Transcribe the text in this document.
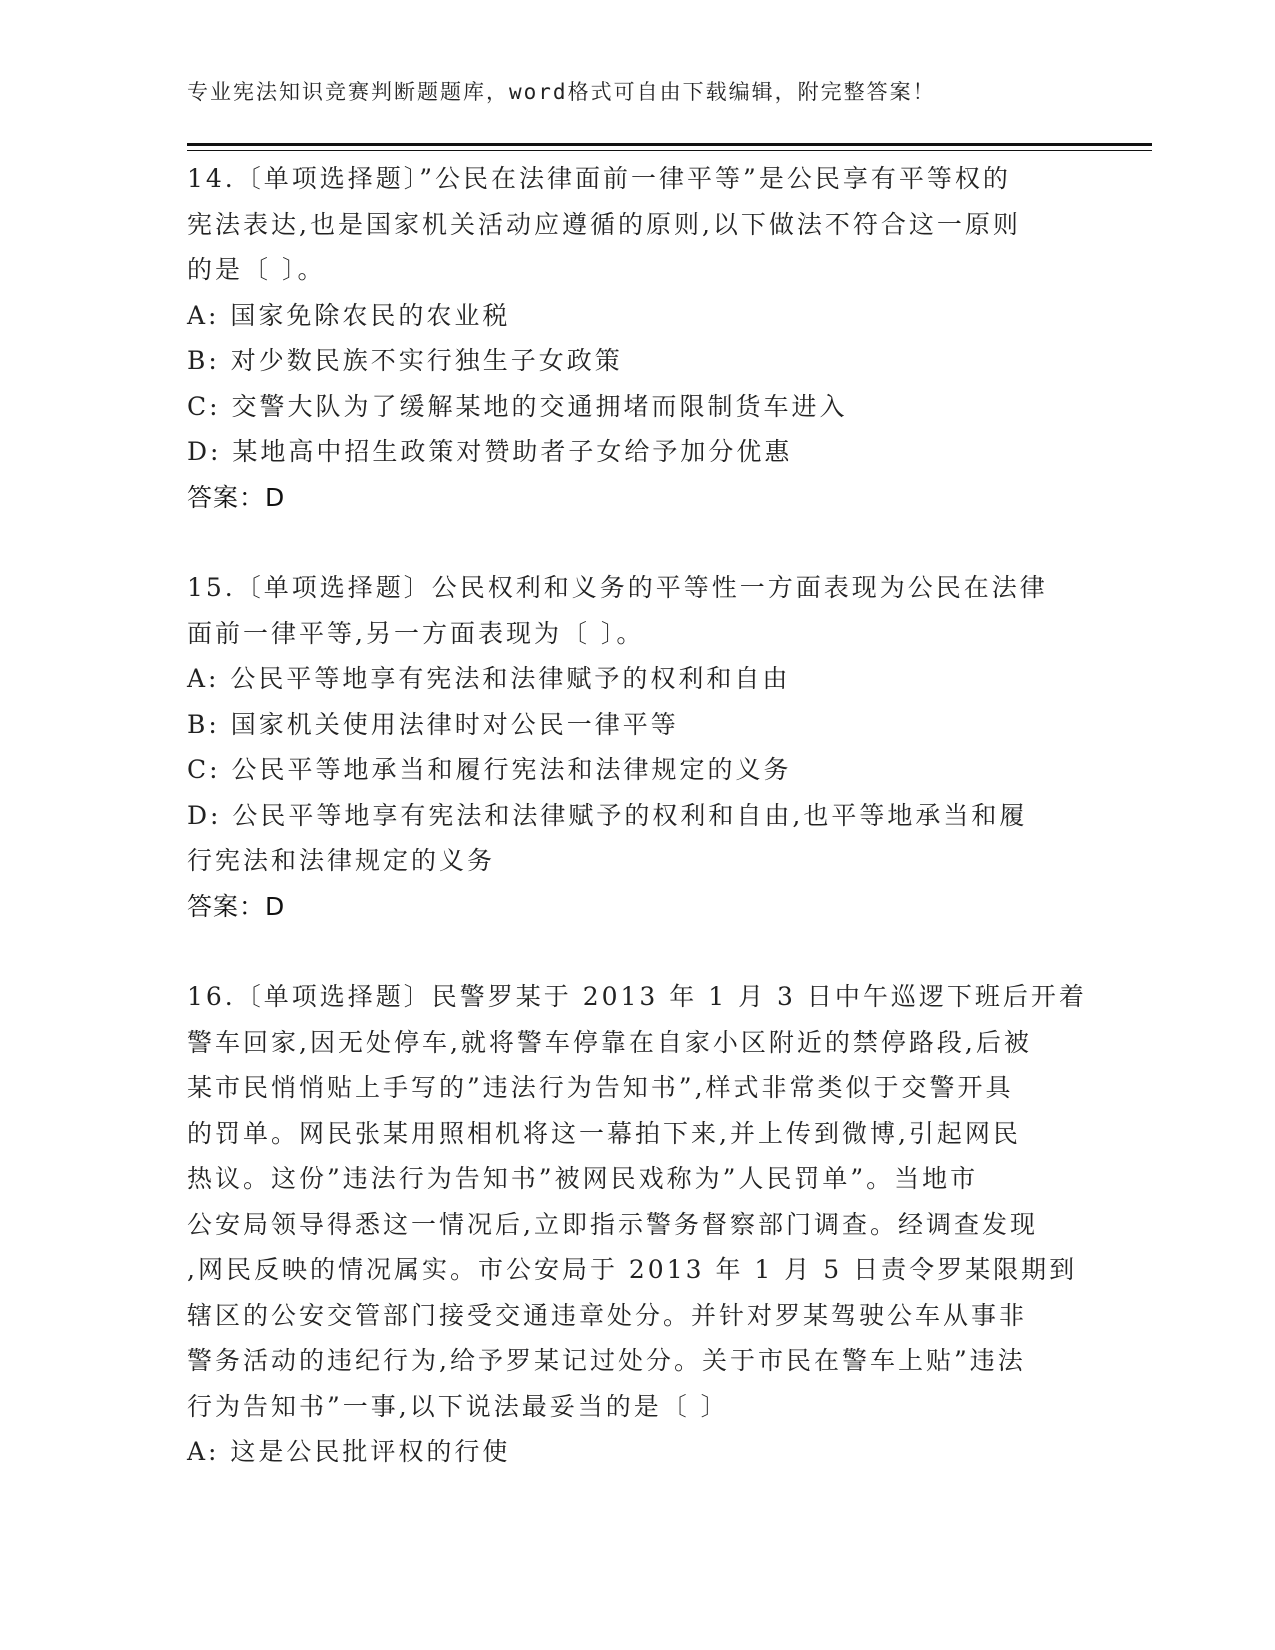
专业宪法知识竞赛判断题题库，word格式可自由下载编辑，附完整答案！

14.〔单项选择题〕”公民在法律面前一律平等”是公民享有平等权的

宪法表达,也是国家机关活动应遵循的原则,以下做法不符合这一原则

的是〔 〕。

A: 国家免除农民的农业税

B: 对少数民族不实行独生子女政策

C: 交警大队为了缓解某地的交通拥堵而限制货车进入

D: 某地高中招生政策对赞助者子女给予加分优惠

答案：D

15.〔单项选择题〕公民权利和义务的平等性一方面表现为公民在法律

面前一律平等,另一方面表现为〔 〕。

A: 公民平等地享有宪法和法律赋予的权利和自由

B: 国家机关使用法律时对公民一律平等

C: 公民平等地承当和履行宪法和法律规定的义务

D: 公民平等地享有宪法和法律赋予的权利和自由,也平等地承当和履

行宪法和法律规定的义务

答案：D

16.〔单项选择题〕民警罗某于 2013 年 1 月 3 日中午巡逻下班后开着

警车回家,因无处停车,就将警车停靠在自家小区附近的禁停路段,后被

某市民悄悄贴上手写的”违法行为告知书”,样式非常类似于交警开具

的罚单。网民张某用照相机将这一幕拍下来,并上传到微博,引起网民

热议。这份”违法行为告知书”被网民戏称为”人民罚单”。当地市

公安局领导得悉这一情况后,立即指示警务督察部门调查。经调查发现

,网民反映的情况属实。市公安局于 2013 年 1 月 5 日责令罗某限期到

辖区的公安交管部门接受交通违章处分。并针对罗某驾驶公车从事非

警务活动的违纪行为,给予罗某记过处分。关于市民在警车上贴”违法

行为告知书”一事,以下说法最妥当的是〔 〕

A: 这是公民批评权的行使
